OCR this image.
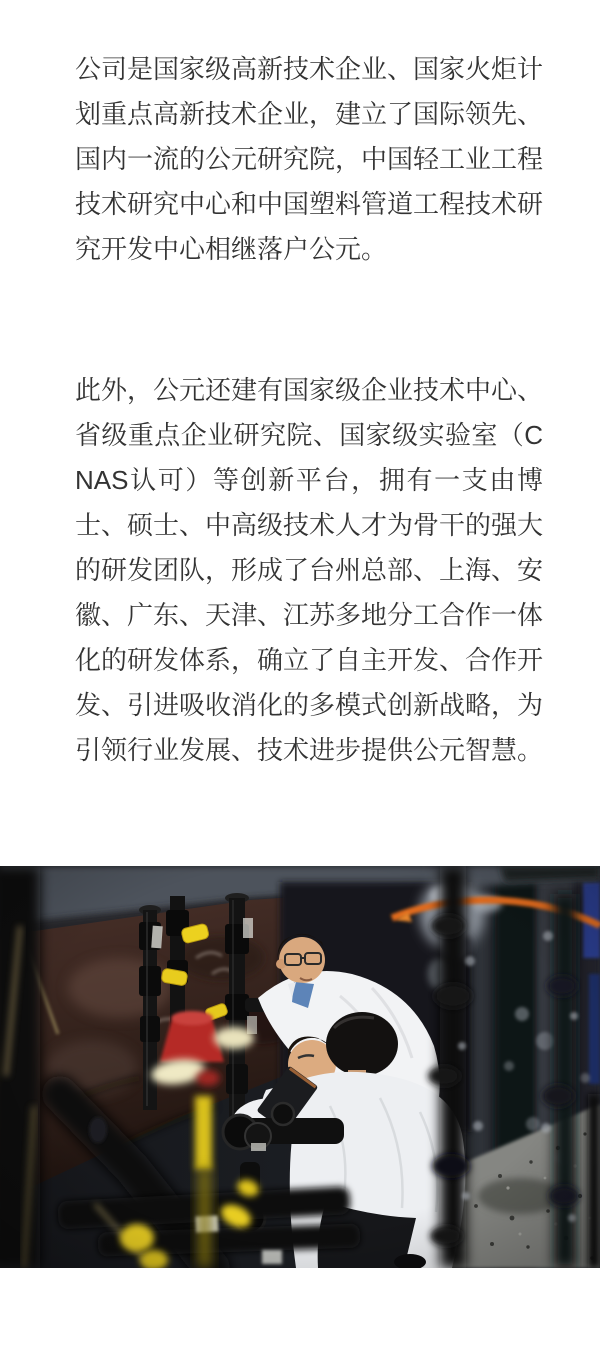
公司是国家级高新技术企业、国家火炬计划重点高新技术企业，建立了国际领先、国内一流的公元研究院，中国轻工业工程技术研究中心和中国塑料管道工程技术研究开发中心相继落户公元。

此外，公元还建有国家级企业技术中心、省级重点企业研究院、国家级实验室（CNAS认可）等创新平台，拥有一支由博士、硕士、中高级技术人才为骨干的强大的研发团队，形成了台州总部、上海、安徽、广东、天津、江苏多地分工合作一体化的研发体系，确立了自主开发、合作开发、引进吸收消化的多模式创新战略，为引领行业发展、技术进步提供公元智慧。
